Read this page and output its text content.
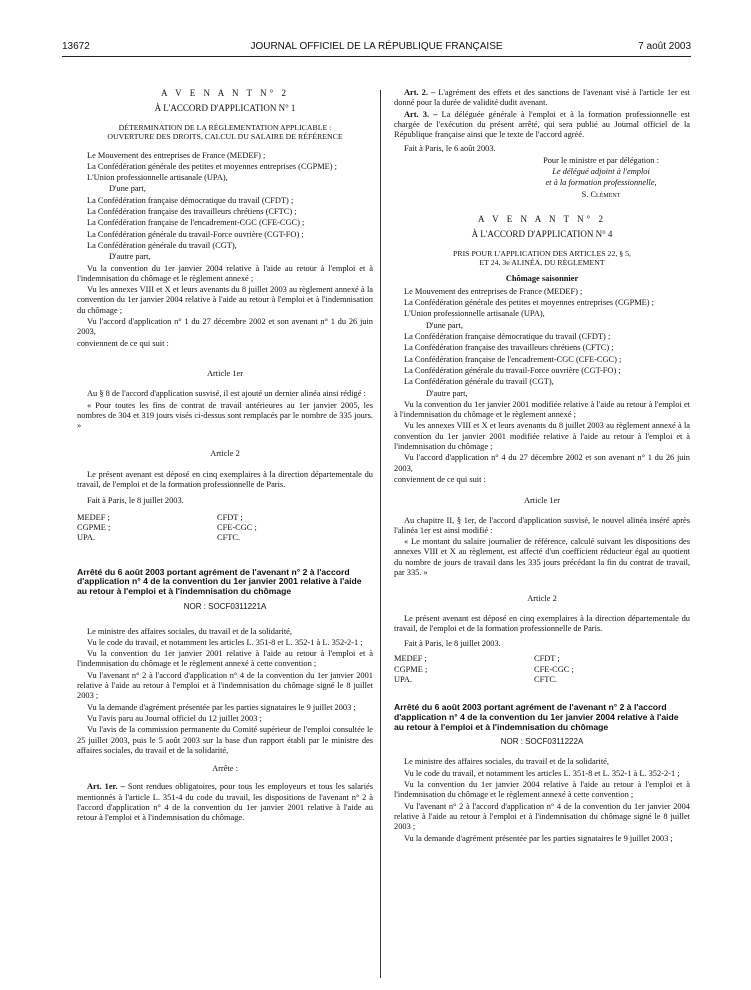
13672	JOURNAL OFFICIEL DE LA RÉPUBLIQUE FRANÇAISE	7 août 2003

A V E N A N T N° 2

À L'ACCORD D'APPLICATION N° 1

DÉTERMINATION DE LA RÉGLEMENTATION APPLICABLE :
OUVERTURE DES DROITS, CALCUL DU SALAIRE DE RÉFÉRENCE

Le Mouvement des entreprises de France (MEDEF) ;

La Confédération générale des petites et moyennes entreprises (CGPME) ;

L'Union professionnelle artisanale (UPA),

D'une part,

La Confédération française démocratique du travail (CFDT) ;

La Confédération française des travailleurs chrétiens (CFTC) ;

La Confédération française de l'encadrement-CGC (CFE-CGC) ;

La Confédération générale du travail-Force ouvrière (CGT-FO) ;

La Confédération générale du travail (CGT),

D'autre part,

Vu la convention du 1er janvier 2004 relative à l'aide au retour à l'emploi et à l'indemnisation du chômage et le règlement annexé ;

Vu les annexes VIII et X et leurs avenants du 8 juillet 2003 au règlement annexé à la convention du 1er janvier 2004 relative à l'aide au retour à l'emploi et à l'indemnisation du chômage ;

Vu l'accord d'application n° 1 du 27 décembre 2002 et son avenant n° 1 du 26 juin 2003,

conviennent de ce qui suit :

Article 1er

Au § 8 de l'accord d'application susvisé, il est ajouté un dernier alinéa ainsi rédigé :

« Pour toutes les fins de contrat de travail antérieures au 1er janvier 2005, les nombres de 304 et 319 jours visés ci-dessus sont remplacés par le nombre de 335 jours. »

Article 2

Le présent avenant est déposé en cinq exemplaires à la direction départementale du travail, de l'emploi et de la formation professionnelle de Paris.

Fait à Paris, le 8 juillet 2003.

MEDEF ;	CFDT ;
CGPME ;	CFE-CGC ;
UPA.	CFTC.

Arrêté du 6 août 2003 portant agrément de l'avenant n° 2 à l'accord d'application n° 4 de la convention du 1er janvier 2001 relative à l'aide au retour à l'emploi et à l'indemnisation du chômage

NOR : SOCF0311221A

Le ministre des affaires sociales, du travail et de la solidarité,

Vu le code du travail, et notamment les articles L. 351-8 et L. 352-1 à L. 352-2-1 ;

Vu la convention du 1er janvier 2001 relative à l'aide au retour à l'emploi et à l'indemnisation du chômage et le règlement annexé à cette convention ;

Vu l'avenant n° 2 à l'accord d'application n° 4 de la convention du 1er janvier 2001 relative à l'aide au retour à l'emploi et à l'indemnisation du chômage signé le 8 juillet 2003 ;

Vu la demande d'agrément présentée par les parties signataires le 9 juillet 2003 ;

Vu l'avis paru au Journal officiel du 12 juillet 2003 ;

Vu l'avis de la commission permanente du Comité supérieur de l'emploi consultée le 25 juillet 2003, puis le 5 août 2003 sur la base d'un rapport établi par le ministre des affaires sociales, du travail et de la solidarité,

Arrête :

Art. 1er. – Sont rendues obligatoires, pour tous les employeurs et tous les salariés mentionnés à l'article L. 351-4 du code du travail, les dispositions de l'avenant n° 2 à l'accord d'application n° 4 de la convention du 1er janvier 2001 relative à l'aide au retour à l'emploi et à l'indemnisation du chômage.

Art. 2. – L'agrément des effets et des sanctions de l'avenant visé à l'article 1er est donné pour la durée de validité dudit avenant.

Art. 3. – La déléguée générale à l'emploi et à la formation professionnelle est chargée de l'exécution du présent arrêté, qui sera publié au Journal officiel de la République française ainsi que le texte de l'accord agréé.

Fait à Paris, le 6 août 2003.

Pour le ministre et par délégation :

Le délégué adjoint à l'emploi

et à la formation professionnelle,

S. Clément

A V E N A N T N° 2

À L'ACCORD D'APPLICATION N° 4

PRIS POUR L'APPLICATION DES ARTICLES 22, § 5,
ET 24, 3e ALINÉA, DU RÈGLEMENT

Chômage saisonnier

Le Mouvement des entreprises de France (MEDEF) ;

La Confédération générale des petites et moyennes entreprises (CGPME) ;

L'Union professionnelle artisanale (UPA),

D'une part,

La Confédération française démocratique du travail (CFDT) ;

La Confédération française des travailleurs chrétiens (CFTC) ;

La Confédération française de l'encadrement-CGC (CFE-CGC) ;

La Confédération générale du travail-Force ouvrière (CGT-FO) ;

La Confédération générale du travail (CGT),

D'autre part,

Vu la convention du 1er janvier 2001 modifiée relative à l'aide au retour à l'emploi et à l'indemnisation du chômage et le règlement annexé ;

Vu les annexes VIII et X et leurs avenants du 8 juillet 2003 au règlement annexé à la convention du 1er janvier 2001 modifiée relative à l'aide au retour à l'emploi et à l'indemnisation du chômage ;

Vu l'accord d'application n° 4 du 27 décembre 2002 et son avenant n° 1 du 26 juin 2003,

conviennent de ce qui suit :

Article 1er

Au chapitre II, § 1er, de l'accord d'application susvisé, le nouvel alinéa inséré après l'alinéa 1er est ainsi modifié :

« Le montant du salaire journalier de référence, calculé suivant les dispositions des annexes VIII et X au règlement, est affecté d'un coefficient réducteur égal au quotient du nombre de jours de travail dans les 335 jours précédant la fin du contrat de travail, par 335. »

Article 2

Le présent avenant est déposé en cinq exemplaires à la direction départementale du travail, de l'emploi et de la formation professionnelle de Paris.

Fait à Paris, le 8 juillet 2003.

MEDEF ;	CFDT ;
CGPME ;	CFE-CGC ;
UPA.	CFTC.

Arrêté du 6 août 2003 portant agrément de l'avenant n° 2 à l'accord d'application n° 4 de la convention du 1er janvier 2004 relative à l'aide au retour à l'emploi et à l'indemnisation du chômage

NOR : SOCF0311222A

Le ministre des affaires sociales, du travail et de la solidarité,

Vu le code du travail, et notamment les articles L. 351-8 et L. 352-1 à L. 352-2-1 ;

Vu la convention du 1er janvier 2004 relative à l'aide au retour à l'emploi et à l'indemnisation du chômage et le règlement annexé à cette convention ;

Vu l'avenant n° 2 à l'accord d'application n° 4 de la convention du 1er janvier 2004 relative à l'aide au retour à l'emploi et à l'indemnisation du chômage signé le 8 juillet 2003 ;

Vu la demande d'agrément présentée par les parties signataires le 9 juillet 2003 ;
